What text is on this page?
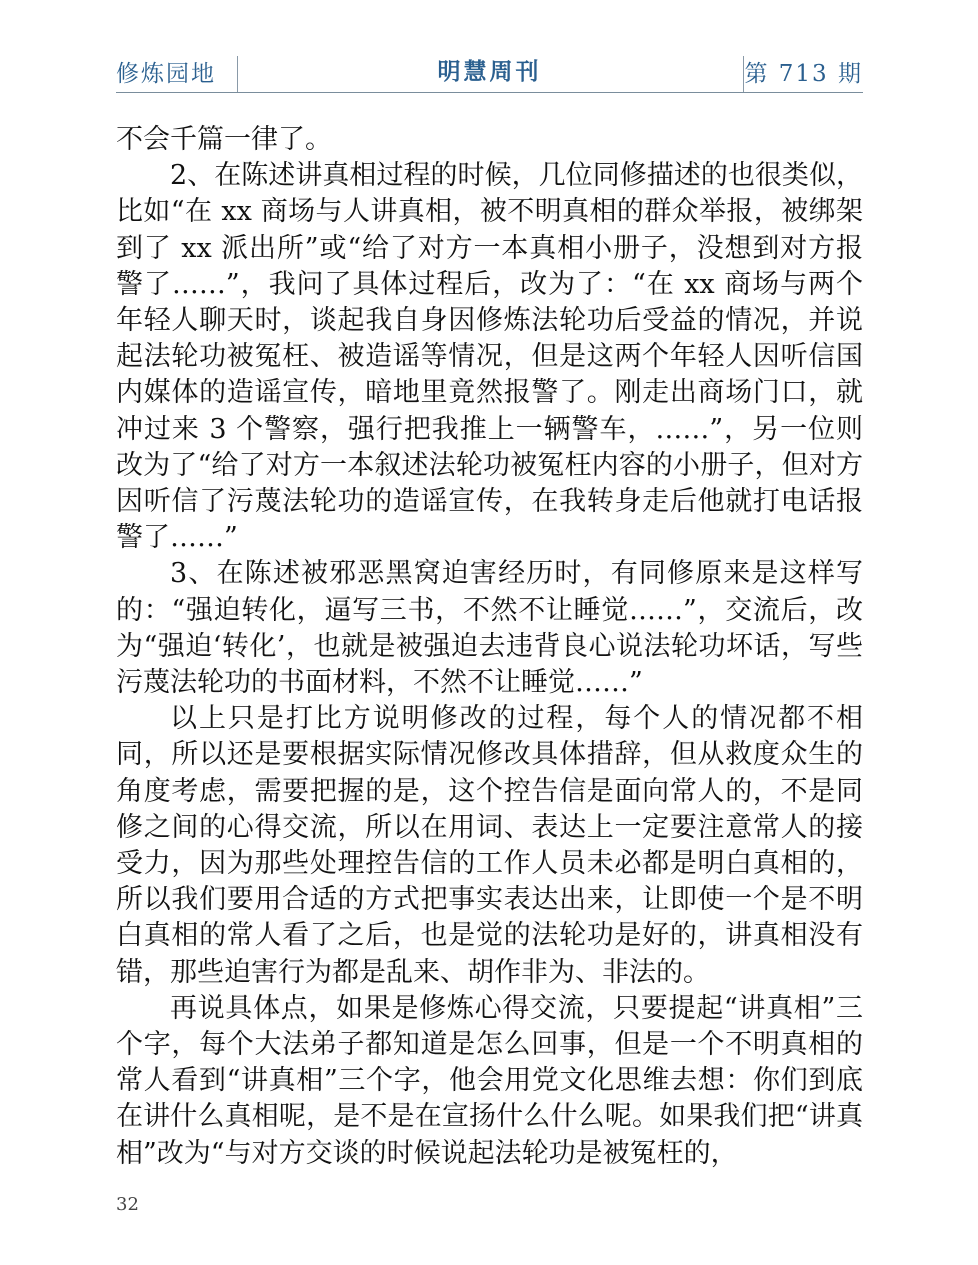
修炼园地	明慧周刊	第 713 期

不会千篇一律了。

2、在陈述讲真相过程的时候，几位同修描述的也很类似，比如“在 xx 商场与人讲真相，被不明真相的群众举报，被绑架到了 xx 派出所”或“给了对方一本真相小册子，没想到对方报警了……”，我问了具体过程后，改为了：“在 xx 商场与两个年轻人聊天时，谈起我自身因修炼法轮功后受益的情况，并说起法轮功被冤枉、被造谣等情况，但是这两个年轻人因听信国内媒体的造谣宣传，暗地里竟然报警了。刚走出商场门口，就冲过来 3 个警察，强行把我推上一辆警车，……”，另一位则改为了“给了对方一本叙述法轮功被冤枉内容的小册子，但对方因听信了污蔑法轮功的造谣宣传，在我转身走后他就打电话报警了……”

3、在陈述被邪恶黑窝迫害经历时，有同修原来是这样写的：“强迫转化，逼写三书，不然不让睡觉……”，交流后，改为“强迫‘转化’，也就是被强迫去违背良心说法轮功坏话，写些污蔑法轮功的书面材料，不然不让睡觉……”

以上只是打比方说明修改的过程，每个人的情况都不相同，所以还是要根据实际情况修改具体措辞，但从救度众生的角度考虑，需要把握的是，这个控告信是面向常人的，不是同修之间的心得交流，所以在用词、表达上一定要注意常人的接受力，因为那些处理控告信的工作人员未必都是明白真相的，所以我们要用合适的方式把事实表达出来，让即使一个是不明白真相的常人看了之后，也是觉的法轮功是好的，讲真相没有错，那些迫害行为都是乱来、胡作非为、非法的。

再说具体点，如果是修炼心得交流，只要提起“讲真相”三个字，每个大法弟子都知道是怎么回事，但是一个不明真相的常人看到“讲真相”三个字，他会用党文化思维去想：你们到底在讲什么真相呢，是不是在宣扬什么什么呢。如果我们把“讲真相”改为“与对方交谈的时候说起法轮功是被冤枉的，

32
